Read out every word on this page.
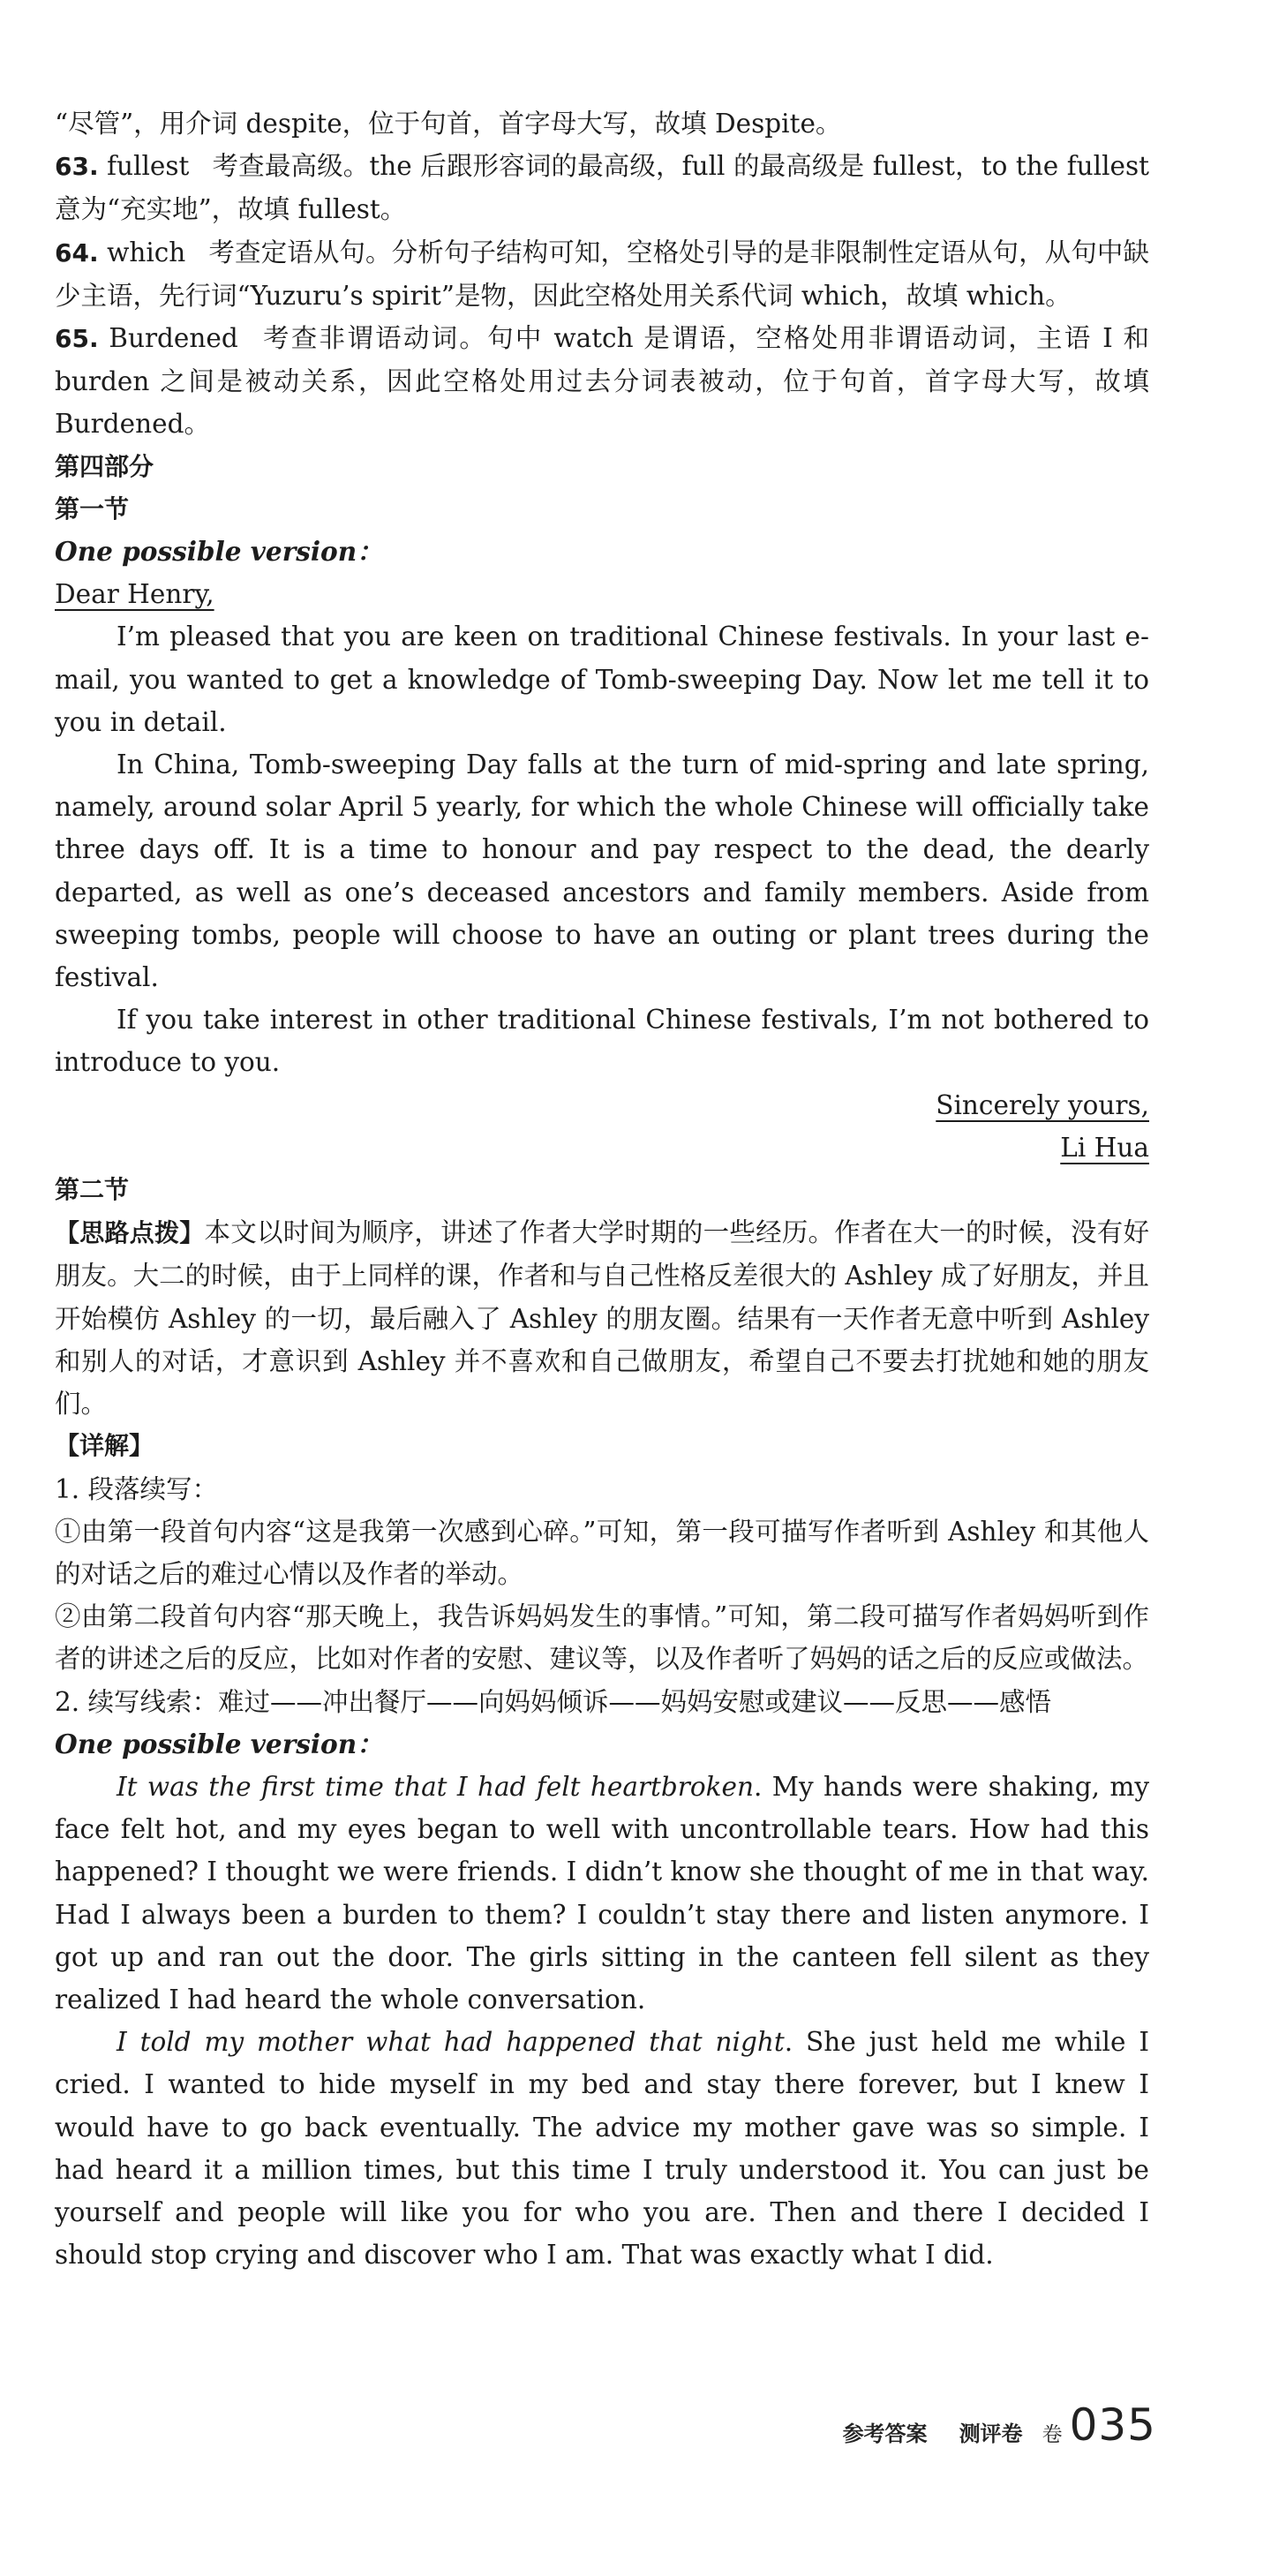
“尽管”，用介词 despite，位于句首，首字母大写，故填 Despite。

63. fullest 考查最高级。the 后跟形容词的最高级，full 的最高级是 fullest，to the fullest 意为“充实地”，故填 fullest。

64. which 考查定语从句。分析句子结构可知，空格处引导的是非限制性定语从句，从句中缺少主语，先行词“Yuzuru’s spirit”是物，因此空格处用关系代词 which，故填 which。

65. Burdened 考查非谓语动词。句中 watch 是谓语，空格处用非谓语动词，主语 I 和 burden 之间是被动关系，因此空格处用过去分词表被动，位于句首，首字母大写，故填 Burdened。

第四部分

第一节

One possible version：

Dear Henry,

I’m pleased that you are keen on traditional Chinese festivals. In your last e-mail, you wanted to get a knowledge of Tomb-sweeping Day. Now let me tell it to you in detail.

In China, Tomb-sweeping Day falls at the turn of mid-spring and late spring, namely, around solar April 5 yearly, for which the whole Chinese will officially take three days off. It is a time to honour and pay respect to the dead, the dearly departed, as well as one’s deceased ancestors and family members. Aside from sweeping tombs, people will choose to have an outing or plant trees during the festival.

If you take interest in other traditional Chinese festivals, I’m not bothered to introduce to you.

Sincerely yours,

Li Hua

第二节

【思路点拨】本文以时间为顺序，讲述了作者大学时期的一些经历。作者在大一的时候，没有好朋友。大二的时候，由于上同样的课，作者和与自己性格反差很大的 Ashley 成了好朋友，并且开始模仿 Ashley 的一切，最后融入了 Ashley 的朋友圈。结果有一天作者无意中听到 Ashley 和别人的对话，才意识到 Ashley 并不喜欢和自己做朋友，希望自己不要去打扰她和她的朋友们。

【详解】

1. 段落续写：

①由第一段首句内容“这是我第一次感到心碎。”可知，第一段可描写作者听到 Ashley 和其他人的对话之后的难过心情以及作者的举动。

②由第二段首句内容“那天晚上，我告诉妈妈发生的事情。”可知，第二段可描写作者妈妈听到作者的讲述之后的反应，比如对作者的安慰、建议等，以及作者听了妈妈的话之后的反应或做法。

2. 续写线索：难过——冲出餐厅——向妈妈倾诉——妈妈安慰或建议——反思——感悟

One possible version：

It was the first time that I had felt heartbroken. My hands were shaking, my face felt hot, and my eyes began to well with uncontrollable tears. How had this happened? I thought we were friends. I didn’t know she thought of me in that way. Had I always been a burden to them? I couldn’t stay there and listen anymore. I got up and ran out the door. The girls sitting in the canteen fell silent as they realized I had heard the whole conversation.

I told my mother what had happened that night. She just held me while I cried. I wanted to hide myself in my bed and stay there forever, but I knew I would have to go back eventually. The advice my mother gave was so simple. I had heard it a million times, but this time I truly understood it. You can just be yourself and people will like you for who you are. Then and there I decided I should stop crying and discover who I am. That was exactly what I did.

参考答案 测评卷 卷 035
